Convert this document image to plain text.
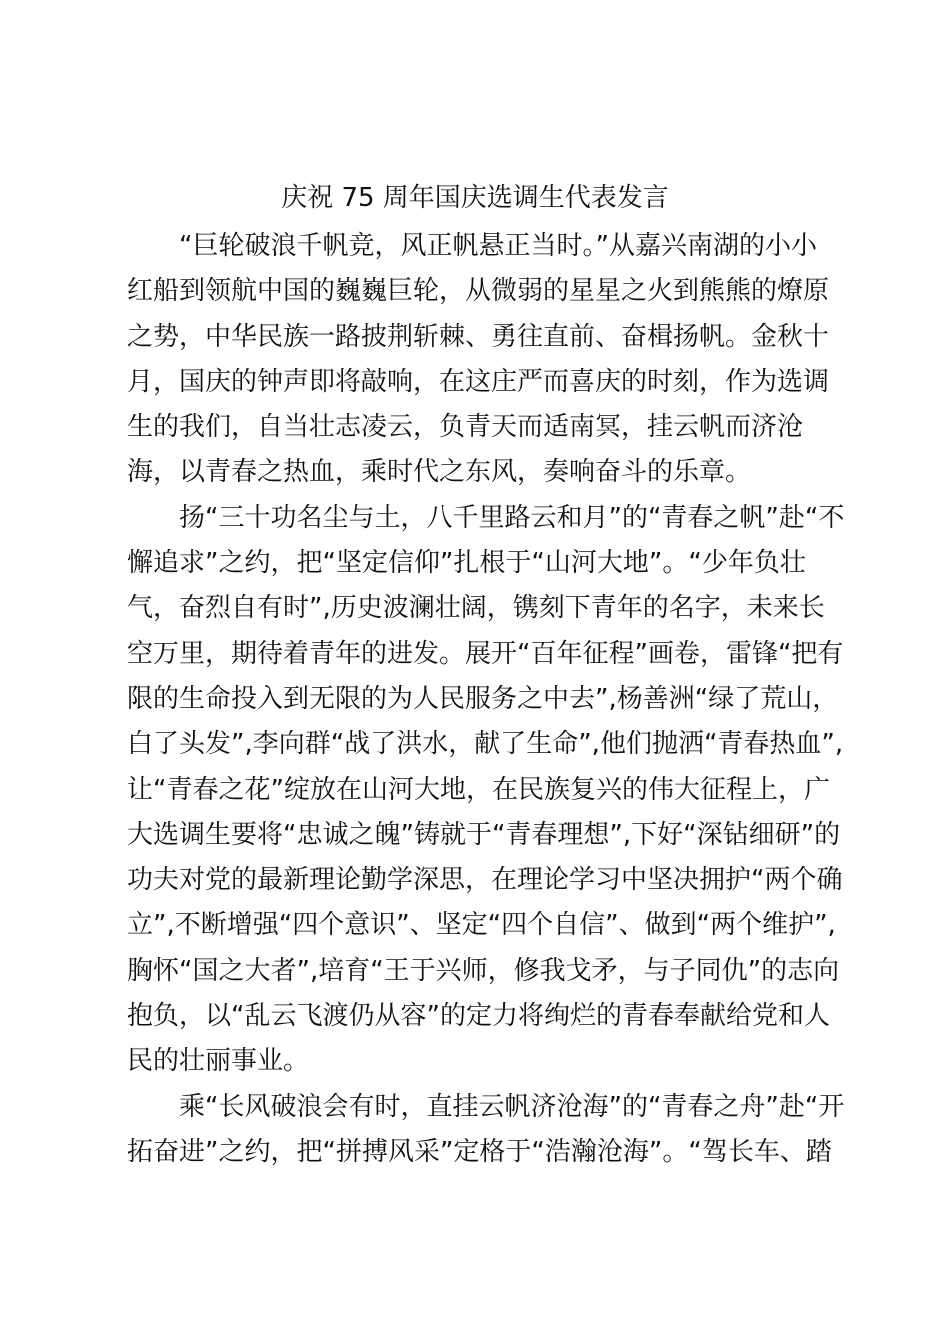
庆祝 75 周年国庆选调生代表发言

“巨轮破浪千帆竞，风正帆悬正当时。”从嘉兴南湖的小小
红船到领航中国的巍巍巨轮，从微弱的星星之火到熊熊的燎原
之势，中华民族一路披荆斩棘、勇往直前、奋楫扬帆。金秋十
月，国庆的钟声即将敲响，在这庄严而喜庆的时刻，作为选调
生的我们，自当壮志凌云，负青天而适南冥，挂云帆而济沧
海，以青春之热血，乘时代之东风，奏响奋斗的乐章。

扬“三十功名尘与土，八千里路云和月”的“青春之帆”赴“不
懈追求”之约，把“坚定信仰”扎根于“山河大地”。“少年负壮
气，奋烈自有时”,历史波澜壮阔，镌刻下青年的名字，未来长
空万里，期待着青年的进发。展开“百年征程”画卷，雷锋“把有
限的生命投入到无限的为人民服务之中去”,杨善洲“绿了荒山，
白了头发”,李向群“战了洪水，献了生命”,他们抛洒“青春热血”,
让“青春之花”绽放在山河大地，在民族复兴的伟大征程上，广
大选调生要将“忠诚之魄”铸就于“青春理想”,下好“深钻细研”的
功夫对党的最新理论勤学深思，在理论学习中坚决拥护“两个确
立”,不断增强“四个意识”、坚定“四个自信”、做到“两个维护”,
胸怀“国之大者”,培育“王于兴师，修我戈矛，与子同仇”的志向
抱负，以“乱云飞渡仍从容”的定力将绚烂的青春奉献给党和人
民的壮丽事业。

乘“长风破浪会有时，直挂云帆济沧海”的“青春之舟”赴“开
拓奋进”之约，把“拼搏风采”定格于“浩瀚沧海”。“驾长车、踏
